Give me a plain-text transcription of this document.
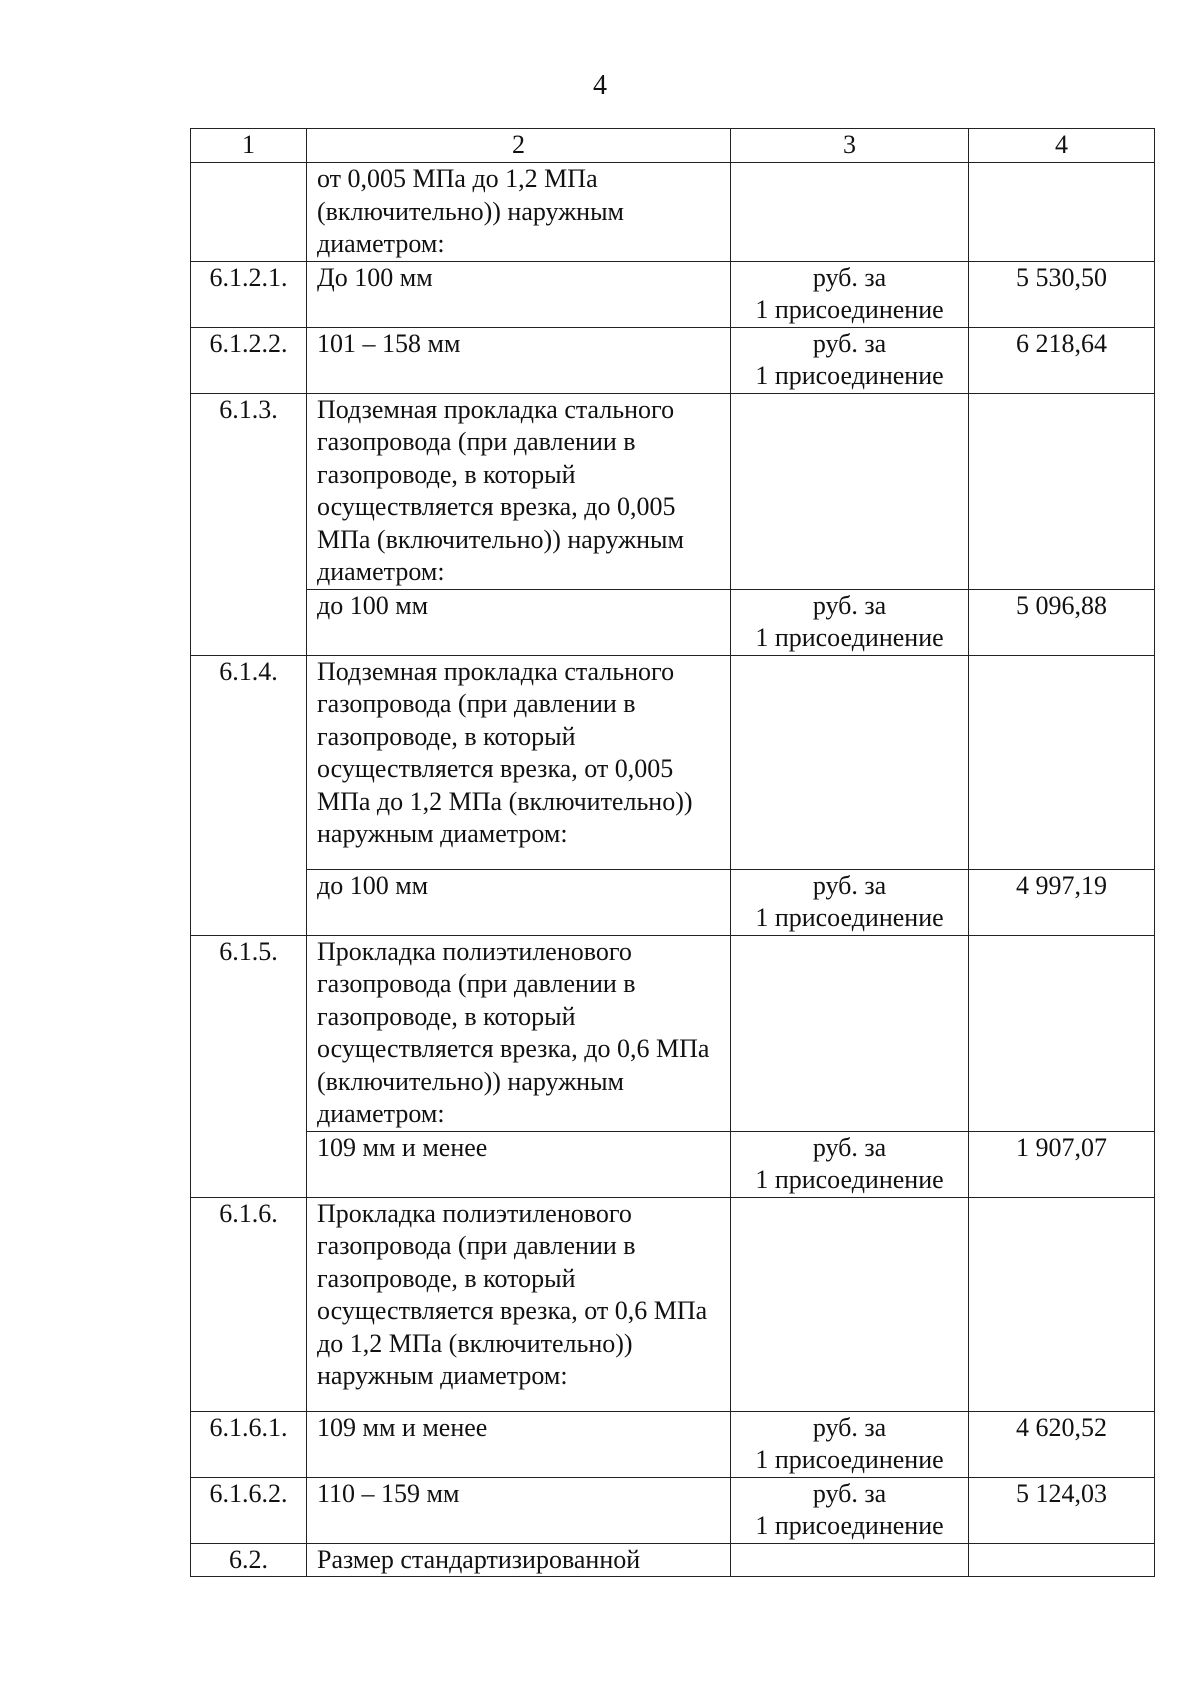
4
1	2	3	4
	от 0,005 МПа до 1,2 МПа (включительно)) наружным диаметром:		
6.1.2.1.	До 100 мм	руб. за
1 присоединение	5 530,50
6.1.2.2.	101 – 158 мм	руб. за
1 присоединение	6 218,64
6.1.3.	Подземная прокладка стального газопровода (при давлении в газопроводе, в который осуществляется врезка, до 0,005 МПа (включительно)) наружным диаметром:		
	до 100 мм	руб. за
1 присоединение	5 096,88
6.1.4.	Подземная прокладка стального газопровода (при давлении в газопроводе, в который осуществляется врезка, от 0,005 МПа до 1,2 МПа (включительно)) наружным диаметром:		
	до 100 мм	руб. за
1 присоединение	4 997,19
6.1.5.	Прокладка полиэтиленового газопровода (при давлении в газопроводе, в который осуществляется врезка, до 0,6 МПа (включительно)) наружным диаметром:		
	109 мм и менее	руб. за
1 присоединение	1 907,07
6.1.6.	Прокладка полиэтиленового газопровода (при давлении в газопроводе, в который осуществляется врезка, от 0,6 МПа до 1,2 МПа (включительно)) наружным диаметром:		
6.1.6.1.	109 мм и менее	руб. за
1 присоединение	4 620,52
6.1.6.2.	110 – 159 мм	руб. за
1 присоединение	5 124,03
6.2.	Размер стандартизированной		
